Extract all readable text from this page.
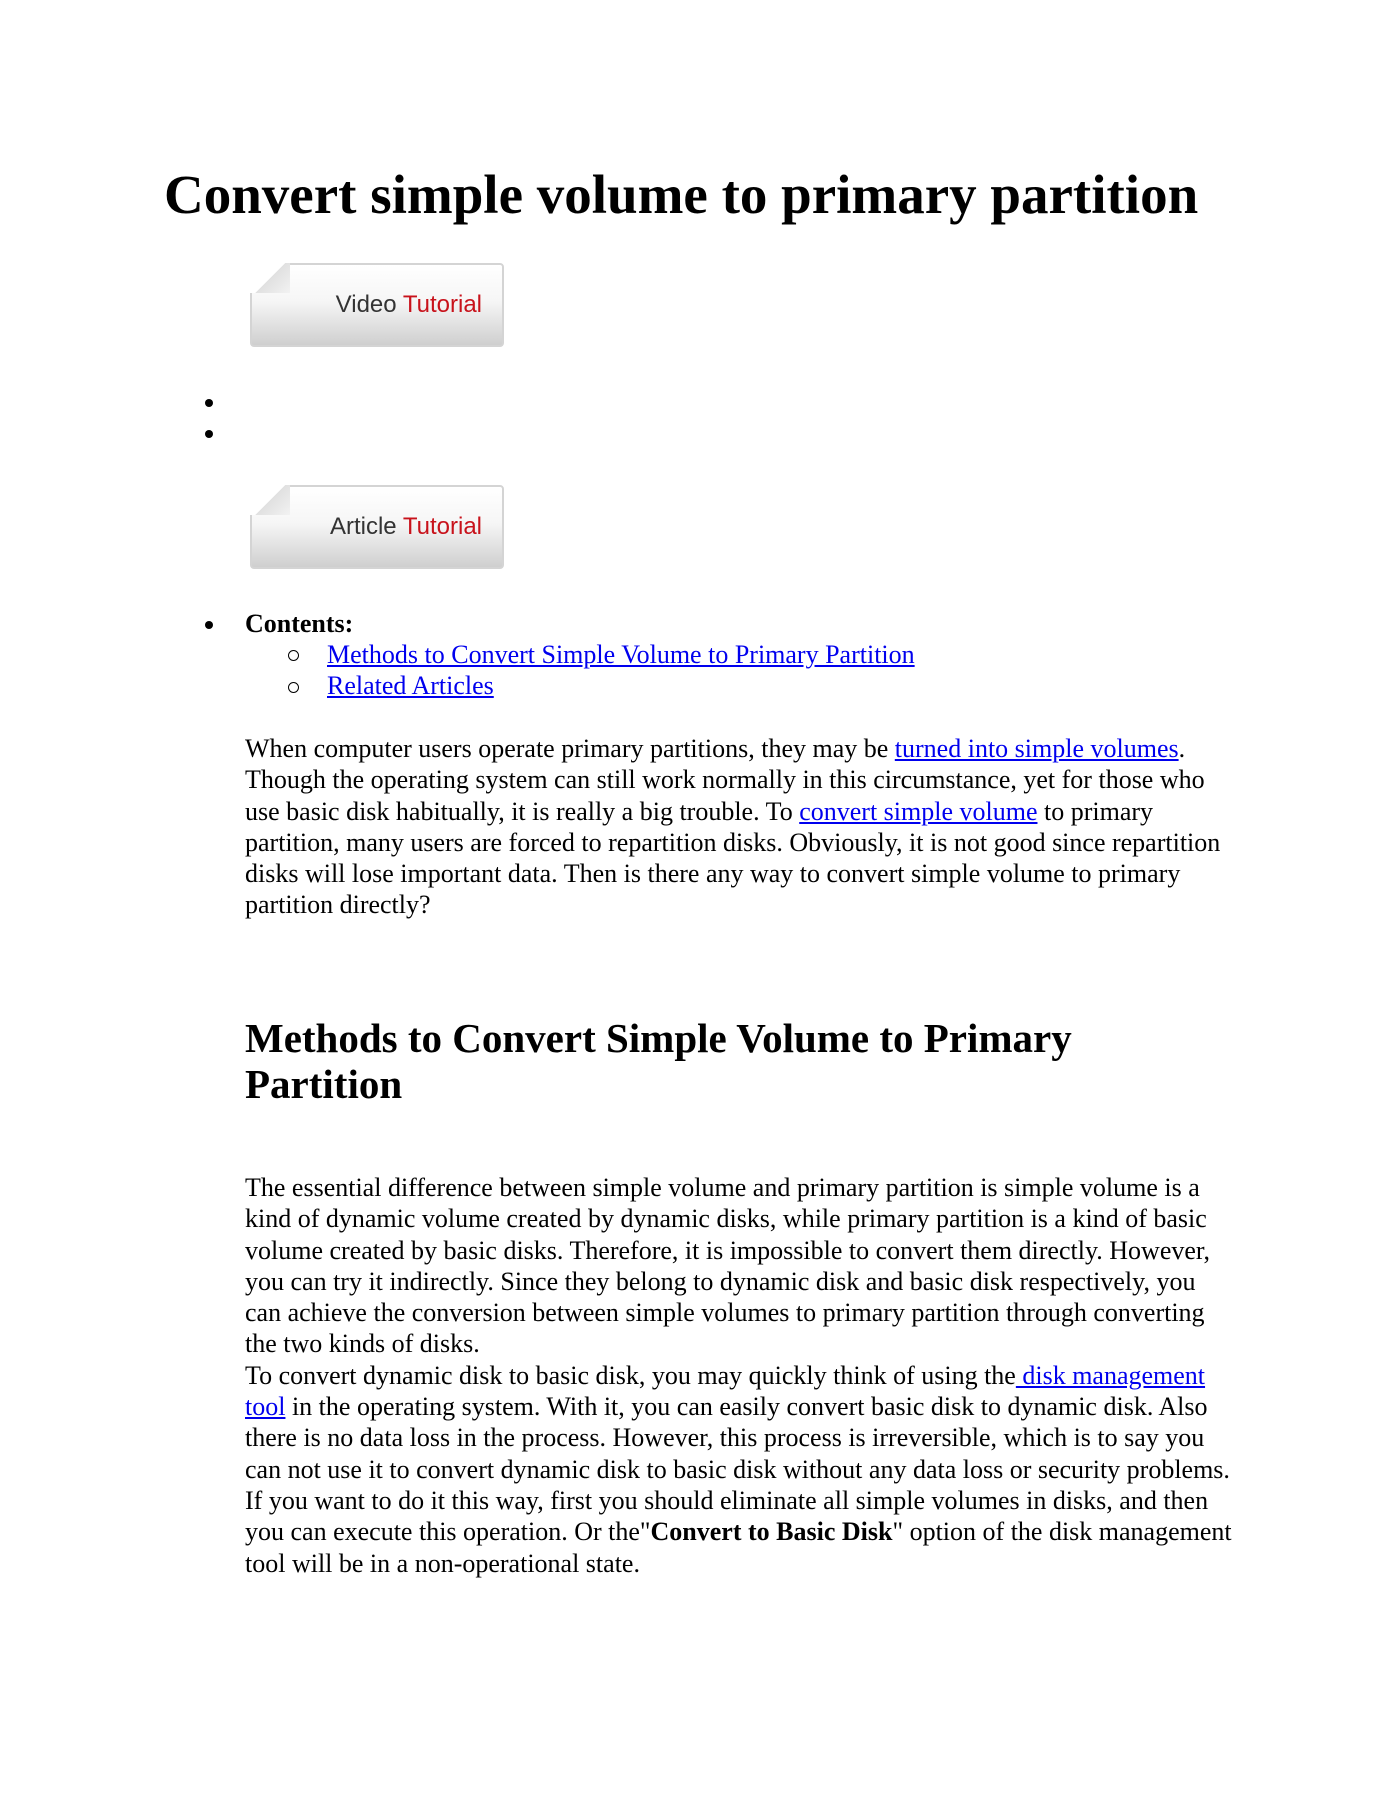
Convert simple volume to primary partition
Video Tutorial
Article Tutorial
Contents:
Methods to Convert Simple Volume to Primary Partition
Related Articles
When computer users operate primary partitions, they may be turned into simple volumes. Though the operating system can still work normally in this circumstance, yet for those who use basic disk habitually, it is really a big trouble. To convert simple volume to primary partition, many users are forced to repartition disks. Obviously, it is not good since repartition disks will lose important data. Then is there any way to convert simple volume to primary partition directly?
Methods to Convert Simple Volume to Primary Partition
The essential difference between simple volume and primary partition is simple volume is a kind of dynamic volume created by dynamic disks, while primary partition is a kind of basic volume created by basic disks. Therefore, it is impossible to convert them directly. However, you can try it indirectly. Since they belong to dynamic disk and basic disk respectively, you can achieve the conversion between simple volumes to primary partition through converting the two kinds of disks.
To convert dynamic disk to basic disk, you may quickly think of using the disk management tool in the operating system. With it, you can easily convert basic disk to dynamic disk. Also there is no data loss in the process. However, this process is irreversible, which is to say you can not use it to convert dynamic disk to basic disk without any data loss or security problems. If you want to do it this way, first you should eliminate all simple volumes in disks, and then you can execute this operation. Or the"Convert to Basic Disk" option of the disk management tool will be in a non-operational state.
